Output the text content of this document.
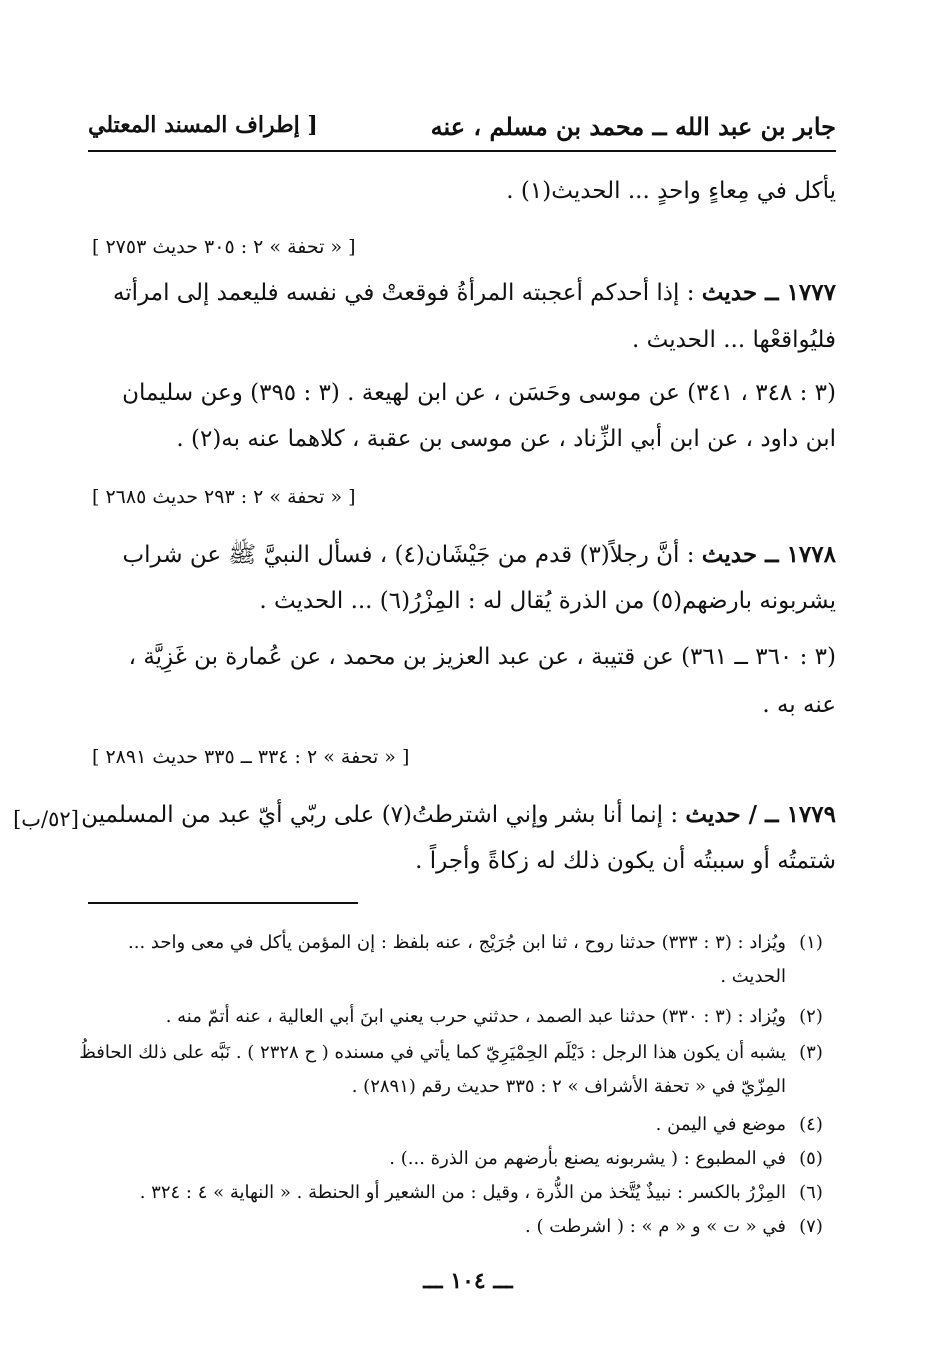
جابر بن عبد الله ــ محمد بن مسلم ، عنه
[ إطراف المسند المعتلي
يأكل في مِعاءٍ واحدٍ ... الحديث(١) .
[ « تحفة » ٢ : ٣٠٥ حديث ٢٧٥٣ ]
١٧٧٧ ــ حديث : إذا أحدكم أعجبته المرأةُ فوقعتْ في نفسه فليعمد إلى امرأته
فليُواقعْها ... الحديث .
(٣ : ٣٤٨ ، ٣٤١) عن موسى وحَسَن ، عن ابن لهيعة . (٣ : ٣٩٥) وعن سليمان
ابن داود ، عن ابن أبي الزِّناد ، عن موسى بن عقبة ، كلاهما عنه به(٢) .
[ « تحفة » ٢ : ٢٩٣ حديث ٢٦٨٥ ]
١٧٧٨ ــ حديث : أنَّ رجلاً(٣) قدم من جَيْشَان(٤) ، فسأل النبيَّ ﷺ عن شراب
يشربونه بارضهم(٥) من الذرة يُقال له : المِزْرُ(٦) ... الحديث .
(٣ : ٣٦٠ ــ ٣٦١) عن قتيبة ، عن عبد العزيز بن محمد ، عن عُمارة بن غَزِيَّة ،
عنه به .
[ « تحفة » ٢ : ٣٣٤ ــ ٣٣٥ حديث ٢٨٩١ ]
[٥٢/ب]	١٧٧٩ ــ / حديث : إنما أنا بشر وإني اشترطتُ(٧) على ربّي أيّ عبد من المسلمين
شتمتُه أو سببتُه أن يكون ذلك له زكاةً وأجراً .
(١)ويُزاد : (٣ : ٣٣٣) حدثنا روح ، ثنا ابن جُرَيْج ، عنه بلفظ : إن المؤمن يأكل في معى واحد ...
الحديث .
(٢)ويُزاد : (٣ : ٣٣٠) حدثنا عبد الصمد ، حدثني حرب يعني ابنَ أبي العالية ، عنه أتمّ منه .
(٣)يشبه أن يكون هذا الرجل : دَيْلَم الحِمْيَرِيّ كما يأتي في مسنده ( ح ٢٣٢٨ ) . نَبَّه على ذلك الحافظُ
المِزّيّ في « تحفة الأشراف » ٢ : ٣٣٥ حديث رقم (٢٨٩١) .
(٤)موضع في اليمن .
(٥)في المطبوع : ( يشربونه يصنع بأرضهم من الذرة ...) .
(٦)المِزْرُ بالكسر : نبيذٌ يُتَّخذ من الذُّرة ، وقيل : من الشعير أو الحنطة . « النهاية » ٤ : ٣٢٤ .
(٧)في « ت » و « م » : ( اشرطت ) .
ـــ ١٠٤ ـــ
